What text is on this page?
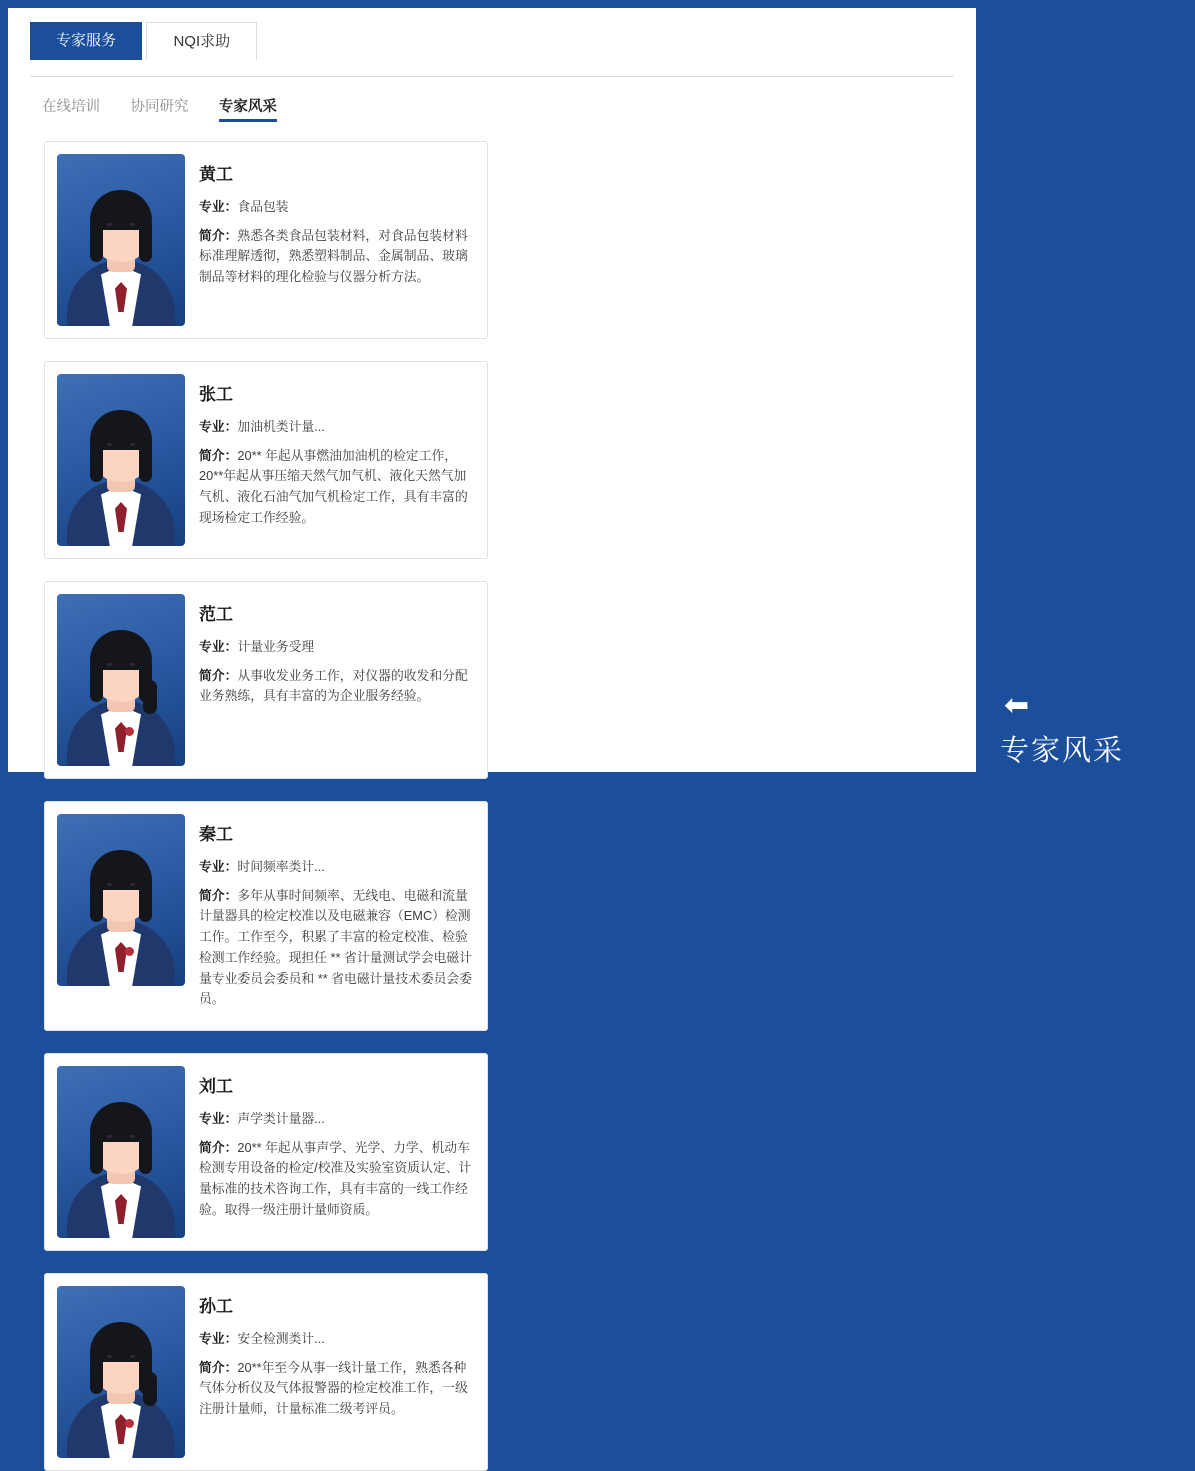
专家服务	NQI求助
在线培训 协同研究 专家风采
黄工
专业：食品包装
简介：熟悉各类食品包装材料，对食品包装材料标准理解透彻，熟悉塑料制品、金属制品、玻璃制品等材料的理化检验与仪器分析方法。
张工
专业：加油机类计量...
简介：20** 年起从事燃油加油机的检定工作，20**年起从事压缩天然气加气机、液化天然气加气机、液化石油气加气机检定工作，具有丰富的现场检定工作经验。
范工
专业：计量业务受理
简介：从事收发业务工作，对仪器的收发和分配业务熟练，具有丰富的为企业服务经验。
秦工
专业：时间频率类计...
简介：多年从事时间频率、无线电、电磁和流量计量器具的检定校准以及电磁兼容（EMC）检测工作。工作至今，积累了丰富的检定校准、检验检测工作经验。现担任 ** 省计量测试学会电磁计量专业委员会委员和 ** 省电磁计量技术委员会委员。
刘工
专业：声学类计量器...
简介：20** 年起从事声学、光学、力学、机动车检测专用设备的检定/校准及实验室资质认定、计量标准的技术咨询工作，具有丰富的一线工作经验。取得一级注册计量师资质。
孙工
专业：安全检测类计...
简介：20**年至今从事一线计量工作，熟悉各种气体分析仪及气体报警器的检定校准工作，一级注册计量师，计量标准二级考评员。
⬅
专家风采
